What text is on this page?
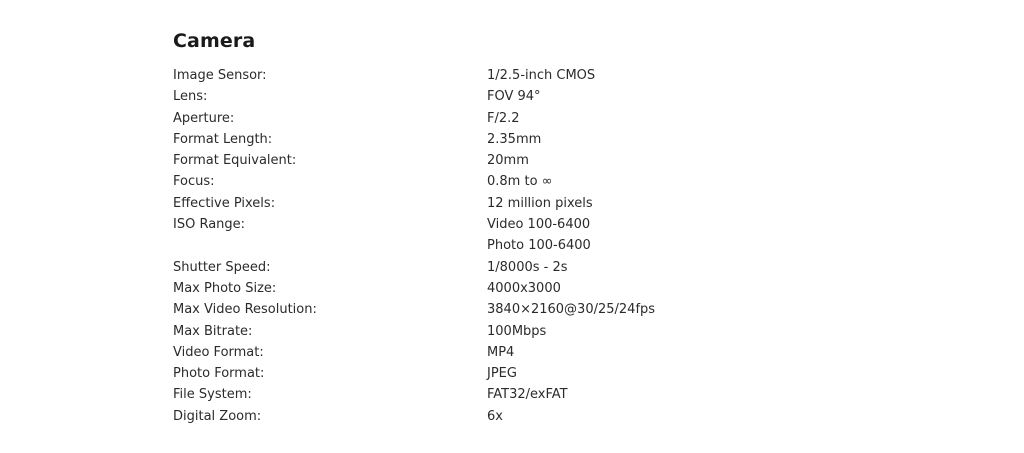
Camera
Image Sensor:	1/2.5-inch CMOS
Lens:	FOV 94°
Aperture:	F/2.2
Format Length:	2.35mm
Format Equivalent:	20mm
Focus:	0.8m to ∞
Effective Pixels:	12 million pixels
ISO Range:	Video 100-6400
Photo 100-6400
Shutter Speed:	1/8000s - 2s
Max Photo Size:	4000x3000
Max Video Resolution:	3840×2160@30/25/24fps
Max Bitrate:	100Mbps
Video Format:	MP4
Photo Format:	JPEG
File System:	FAT32/exFAT
Digital Zoom:	6x
